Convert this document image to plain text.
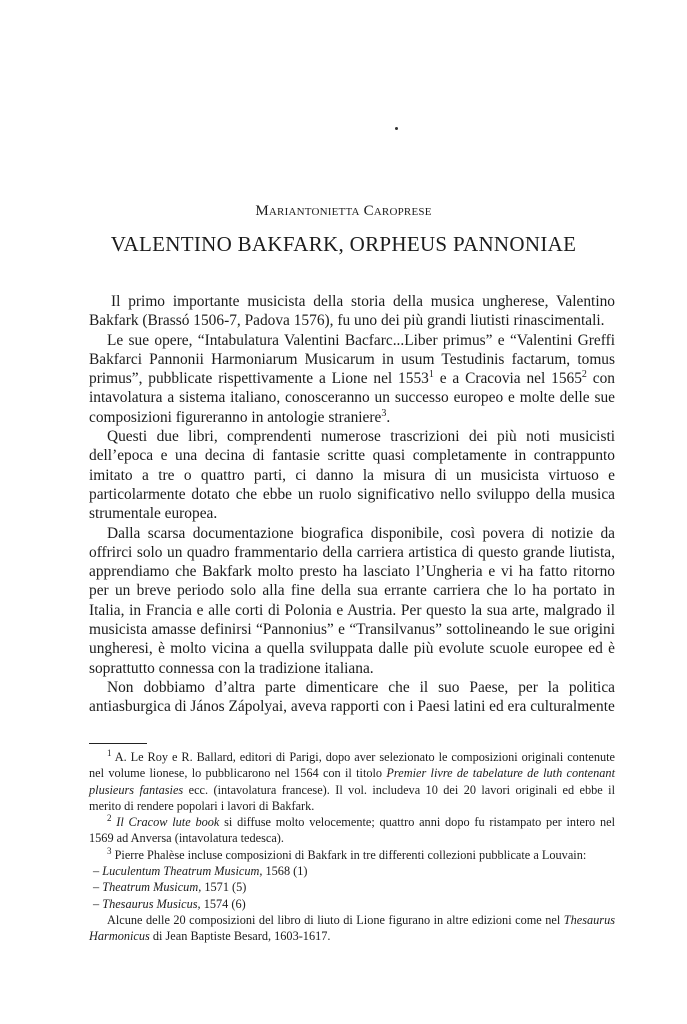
Mariantonietta Caroprese
VALENTINO BAKFARK, ORPHEUS PANNONIAE

Il primo importante musicista della storia della musica ungherese, Valentino Bakfark (Brassó 1506-7, Padova 1576), fu uno dei più grandi liutisti rinascimentali.

Le sue opere, “Intabulatura Valentini Bacfarc...Liber primus” e “Valentini Greffi Bakfarci Pannonii Harmoniarum Musicarum in usum Testudinis factarum, tomus primus”, pubblicate rispettivamente a Lione nel 1553$^1$ e a Cracovia nel 1565$^2$ con intavolatura a sistema italiano, conosceranno un successo europeo e molte delle sue composizioni figureranno in antologie straniere$^3$.

Questi due libri, comprendenti numerose trascrizioni dei più noti musicisti dell’epoca e una decina di fantasie scritte quasi completamente in contrappunto imitato a tre o quattro parti, ci danno la misura di un musicista virtuoso e particolarmente dotato che ebbe un ruolo significativo nello sviluppo della musica strumentale europea.

Dalla scarsa documentazione biografica disponibile, così povera di notizie da offrirci solo un quadro frammentario della carriera artistica di questo grande liutista, apprendiamo che Bakfark molto presto ha lasciato l’Ungheria e vi ha fatto ritorno per un breve periodo solo alla fine della sua errante carriera che lo ha portato in Italia, in Francia e alle corti di Polonia e Austria. Per questo la sua arte, malgrado il musicista amasse definirsi “Pannonius” e “Transilvanus” sottolineando le sue origini ungheresi, è molto vicina a quella sviluppata dalle più evolute scuole europee ed è soprattutto connessa con la tradizione italiana.

Non dobbiamo d’altra parte dimenticare che il suo Paese, per la politica antiasburgica di János Zápolyai, aveva rapporti con i Paesi latini ed era culturalmente

$^1$ A. Le Roy e R. Ballard, editori di Parigi, dopo aver selezionato le composizioni originali contenute nel volume lionese, lo pubblicarono nel 1564 con il titolo Premier livre de tabelature de luth contenant plusieurs fantasies ecc. (intavolatura francese). Il vol. includeva 10 dei 20 lavori originali ed ebbe il merito di rendere popolari i lavori di Bakfark.

$^2$ Il Cracow lute book si diffuse molto velocemente; quattro anni dopo fu ristampato per intero nel 1569 ad Anversa (intavolatura tedesca).

$^3$ Pierre Phalèse incluse composizioni di Bakfark in tre differenti collezioni pubblicate a Louvain:

– Luculentum Theatrum Musicum, 1568 (1)

– Theatrum Musicum, 1571 (5)

– Thesaurus Musicus, 1574 (6)

Alcune delle 20 composizioni del libro di liuto di Lione figurano in altre edizioni come nel Thesaurus Harmonicus di Jean Baptiste Besard, 1603-1617.
